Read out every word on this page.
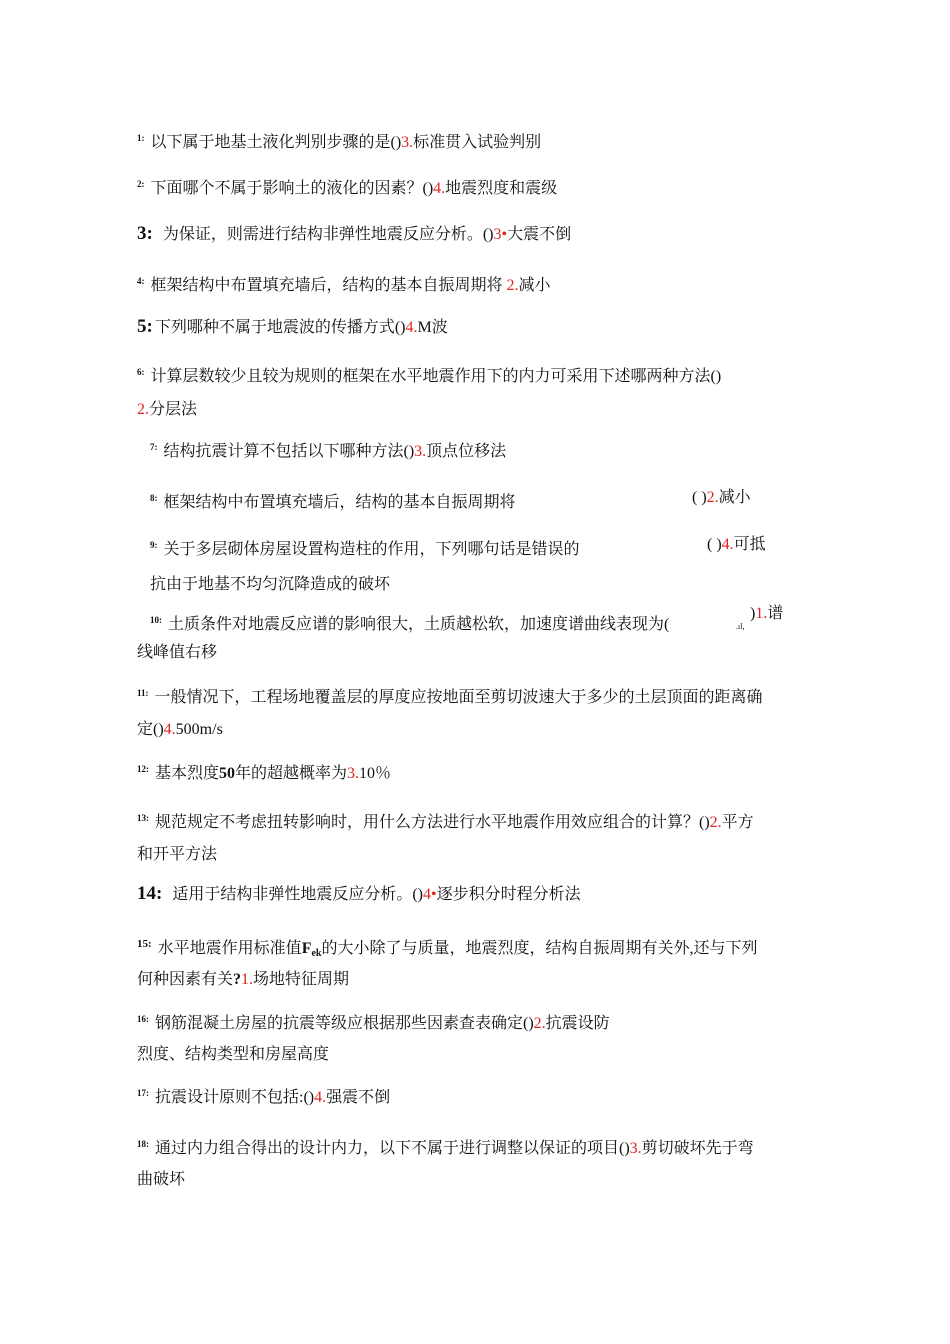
$^{1:}$ 以下属于地基土液化判别步骤的是()3.标准贯入试验判别
$^{2:}$ 下面哪个不属于影响土的液化的因素？()4.地震烈度和震级
3: 为保证，则需进行结构非弹性地震反应分析。()3•大震不倒
$^{4:}$ 框架结构中布置填充墙后，结构的基本自振周期将 2.减小
5: 下列哪种不属于地震波的传播方式()4.M波
$^{6:}$ 计算层数较少且较为规则的框架在水平地震作用下的内力可采用下述哪两种方法()
2.分层法
$^{7:}$ 结构抗震计算不包括以下哪种方法()3.顶点位移法
$^{8:}$ 框架结构中布置填充墙后，结构的基本自振周期将	( )2.减小
$^{9:}$ 关于多层砌体房屋设置构造柱的作用，下列哪句话是错误的	( )4.可抵
抗由于地基不均匀沉降造成的破坏
$^{10:}$ 土质条件对地震反应谱的影响很大，土质越松软，加速度谱曲线表现为(	.ıl,
)1.谱
线峰值右移
$^{11:}$ 一般情况下，工程场地覆盖层的厚度应按地面至剪切波速大于多少的土层顶面的距离确
定()4.500m/s
$^{12:}$ 基本烈度50年的超越概率为3.10％
$^{13:}$ 规范规定不考虑扭转影响时，用什么方法进行水平地震作用效应组合的计算？()2.平方
和开平方法
14: 适用于结构非弹性地震反应分析。()4•逐步积分时程分析法
$^{15:}$ 水平地震作用标准值Fek的大小除了与质量，地震烈度，结构自振周期有关外,还与下列
何种因素有关?1.场地特征周期
$^{16:}$ 钢筋混凝土房屋的抗震等级应根据那些因素查表确定()2.抗震设防
烈度、结构类型和房屋高度
$^{17:}$ 抗震设计原则不包括:()4.强震不倒
$^{18:}$ 通过内力组合得出的设计内力，以下不属于进行调整以保证的项目()3.剪切破坏先于弯
曲破坏
